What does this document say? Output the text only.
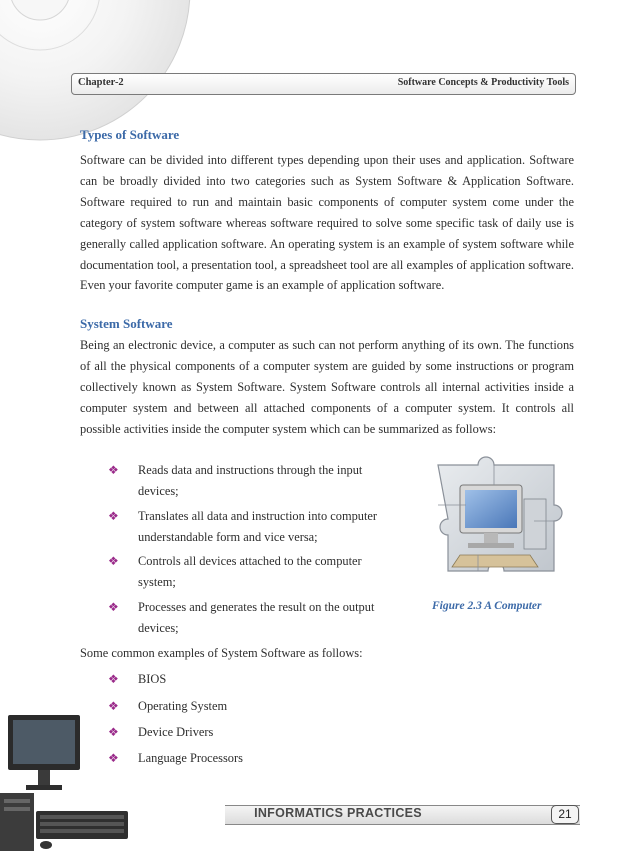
Chapter-2	Software Concepts & Productivity Tools
Types of Software

Software can be divided into different types depending upon their uses and application. Software can be broadly divided into two categories such as System Software & Application Software. Software required to run and maintain basic components of computer system come under the category of system software whereas software required to solve some specific task of daily use is generally called application software. An operating system is an example of system software while documentation tool, a presentation tool, a spreadsheet tool are all examples of application software. Even your favorite computer game is an example of application software.

System Software

Being an electronic device, a computer as such can not perform anything of its own. The functions of all the physical components of a computer system are guided by some instructions or program collectively known as System Software. System Software controls all internal activities inside a computer system and between all attached components of a computer system. It controls all possible activities inside the computer system which can be summarized as follows:

❖ Reads data and instructions through the input
devices;
❖ Translates all data and instruction into computer
understandable form and vice versa;
❖ Controls all devices attached to the computer
system;
❖ Processes and generates the result on the output
devices;
Figure 2.3 A Computer
Some common examples of System Software as follows:
❖ BIOS
❖ Operating System
❖ Device Drivers
❖ Language Processors
INFORMATICS PRACTICES	21
